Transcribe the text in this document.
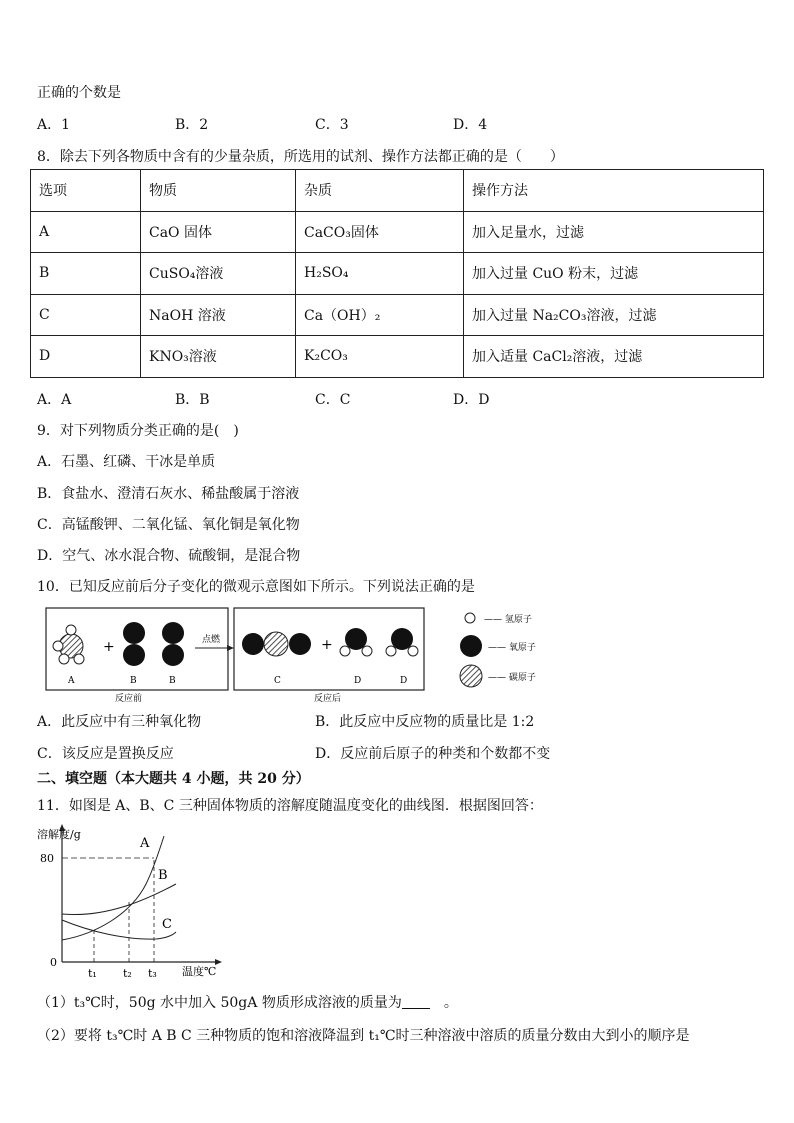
正确的个数是
A．1	B．2	C．3	D．4
8．除去下列各物质中含有的少量杂质，所选用的试剂、操作方法都正确的是（　　）
选项	物质	杂质	操作方法
A	CaO 固体	CaCO₃固体	加入足量水，过滤
B	CuSO₄溶液	H₂SO₄	加入过量 CuO 粉末，过滤
C	NaOH 溶液	Ca（OH）₂	加入过量 Na₂CO₃溶液，过滤
D	KNO₃溶液	K₂CO₃	加入适量 CaCl₂溶液，过滤
A．A	B．B	C．C	D．D
9．对下列物质分类正确的是(　)
A．石墨、红磷、干冰是单质
B．食盐水、澄清石灰水、稀盐酸属于溶液
C．高锰酸钾、二氧化锰、氧化铜是氧化物
D．空气、冰水混合物、硫酸铜，是混合物
10．已知反应前后分子变化的微观示意图如下所示。下列说法正确的是
+
A	B	B
反应前
点燃	+
C	D	D
反应后
—— 氢原子
—— 氧原子
—— 碳原子
A．此反应中有三种氧化物	B．此反应中反应物的质量比是 1:2
C．该反应是置换反应	D．反应前后原子的种类和个数都不变
二、填空题（本大题共 4 小题，共 20 分）
11．如图是 A、B、C 三种固体物质的溶解度随温度变化的曲线图．根据图回答：
溶解度/g
温度℃
80
0
A
B
C
t₁ t₂ t₃
（1）t₃℃时，50g 水中加入 50gA 物质形成溶液的质量为	。
（2）要将 t₃℃时 A B C 三种物质的饱和溶液降温到 t₁℃时三种溶液中溶质的质量分数由大到小的顺序是
